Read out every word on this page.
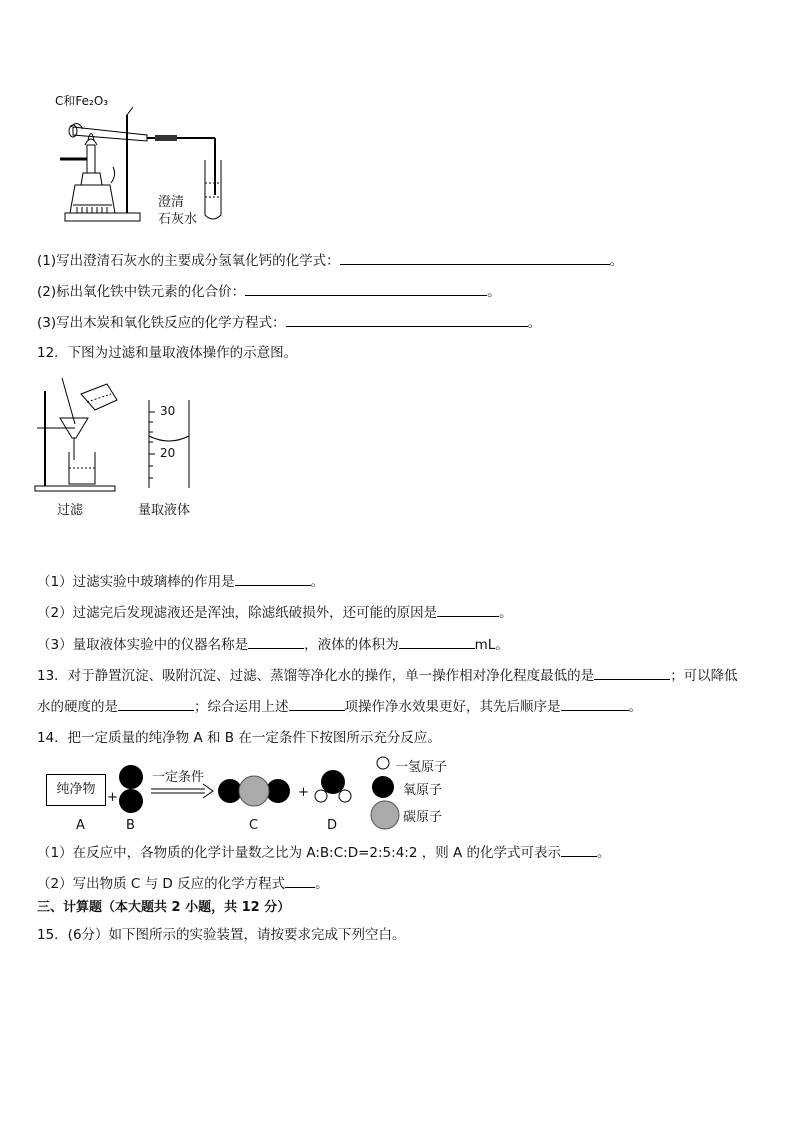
C和Fe₂O₃
澄清
石灰水
(1)写出澄清石灰水的主要成分氢氧化钙的化学式：	。
(2)标出氧化铁中铁元素的化合价：	。
(3)写出木炭和氧化铁反应的化学方程式：	。
12．下图为过滤和量取液体操作的示意图。
过滤
30
20
量取液体
（1）过滤实验中玻璃棒的作用是	。
（2）过滤完后发现滤液还是浑浊，除滤纸破损外，还可能的原因是	。
（3）量取液体实验中的仪器名称是	，液体的体积为	mL。
13．对于静置沉淀、吸附沉淀、过滤、蒸馏等净化水的操作，单一操作相对净化程度最低的是	；可以降低
水的硬度的是	；综合运用上述	项操作净水效果更好，其先后顺序是	。
14．把一定质量的纯净物 A 和 B 在一定条件下按图所示充分反应。
纯净物
+
一定条件
+
A	B	C	D
一氢原子
氧原子
碳原子
（1）在反应中，各物质的化学计量数之比为 A:B:C:D=2:5:4:2 ，则 A 的化学式可表示	。
（2）写出物质 C 与 D 反应的化学方程式 。
三、计算题（本大题共 2 小题，共 12 分）
15．(6分）如下图所示的实验装置，请按要求完成下列空白。
